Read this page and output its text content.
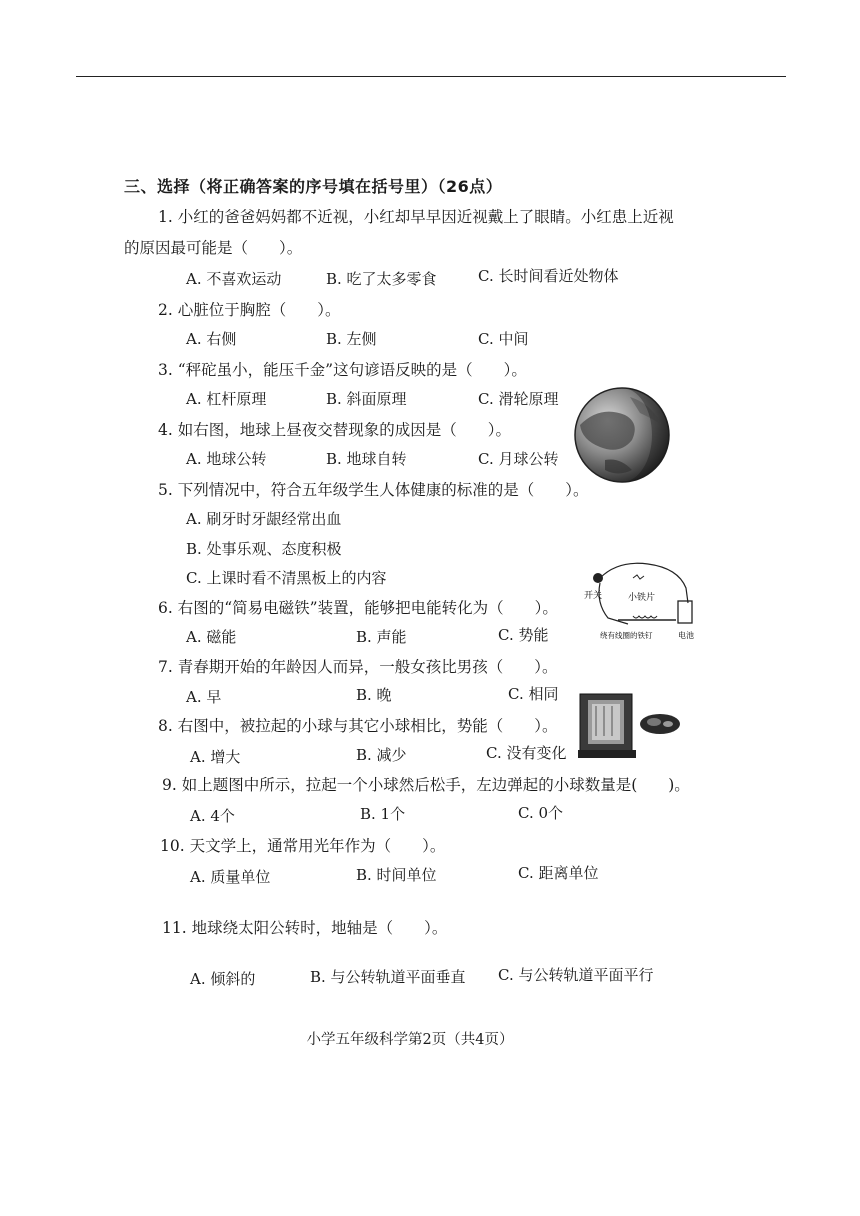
三、选择（将正确答案的序号填在括号里）（26点）
1. 小红的爸爸妈妈都不近视，小红却早早因近视戴上了眼睛。小红患上近视
的原因最可能是（　　）。
A. 不喜欢运动	B. 吃了太多零食	C. 长时间看近处物体
2. 心脏位于胸腔（　　）。
A. 右侧	B. 左侧	C. 中间
3. “秤砣虽小，能压千金”这句谚语反映的是（　　）。
A. 杠杆原理	B. 斜面原理	C. 滑轮原理
4. 如右图，地球上昼夜交替现象的成因是（　　）。
A. 地球公转	B. 地球自转	C. 月球公转
5. 下列情况中，符合五年级学生人体健康的标准的是（　　）。
A. 刷牙时牙龈经常出血
B. 处事乐观、态度积极
C. 上课时看不清黑板上的内容
6. 右图的“简易电磁铁”装置，能够把电能转化为（　　）。
A. 磁能	B. 声能	C. 势能
开关	小铁片
绕有线圈的铁钉	电池
7. 青春期开始的年龄因人而异，一般女孩比男孩（　　）。
A. 早	B. 晚	C. 相同
8. 右图中，被拉起的小球与其它小球相比，势能（　　）。
A. 增大	B. 减少	C. 没有变化
9. 如上题图中所示，拉起一个小球然后松手，左边弹起的小球数量是(　　)。
A. 4个	B. 1个	C. 0个
10. 天文学上，通常用光年作为（　　）。
A. 质量单位	B. 时间单位	C. 距离单位
11. 地球绕太阳公转时，地轴是（　　）。
A. 倾斜的	B. 与公转轨道平面垂直 C. 与公转轨道平面平行
小学五年级科学第2页（共4页）
